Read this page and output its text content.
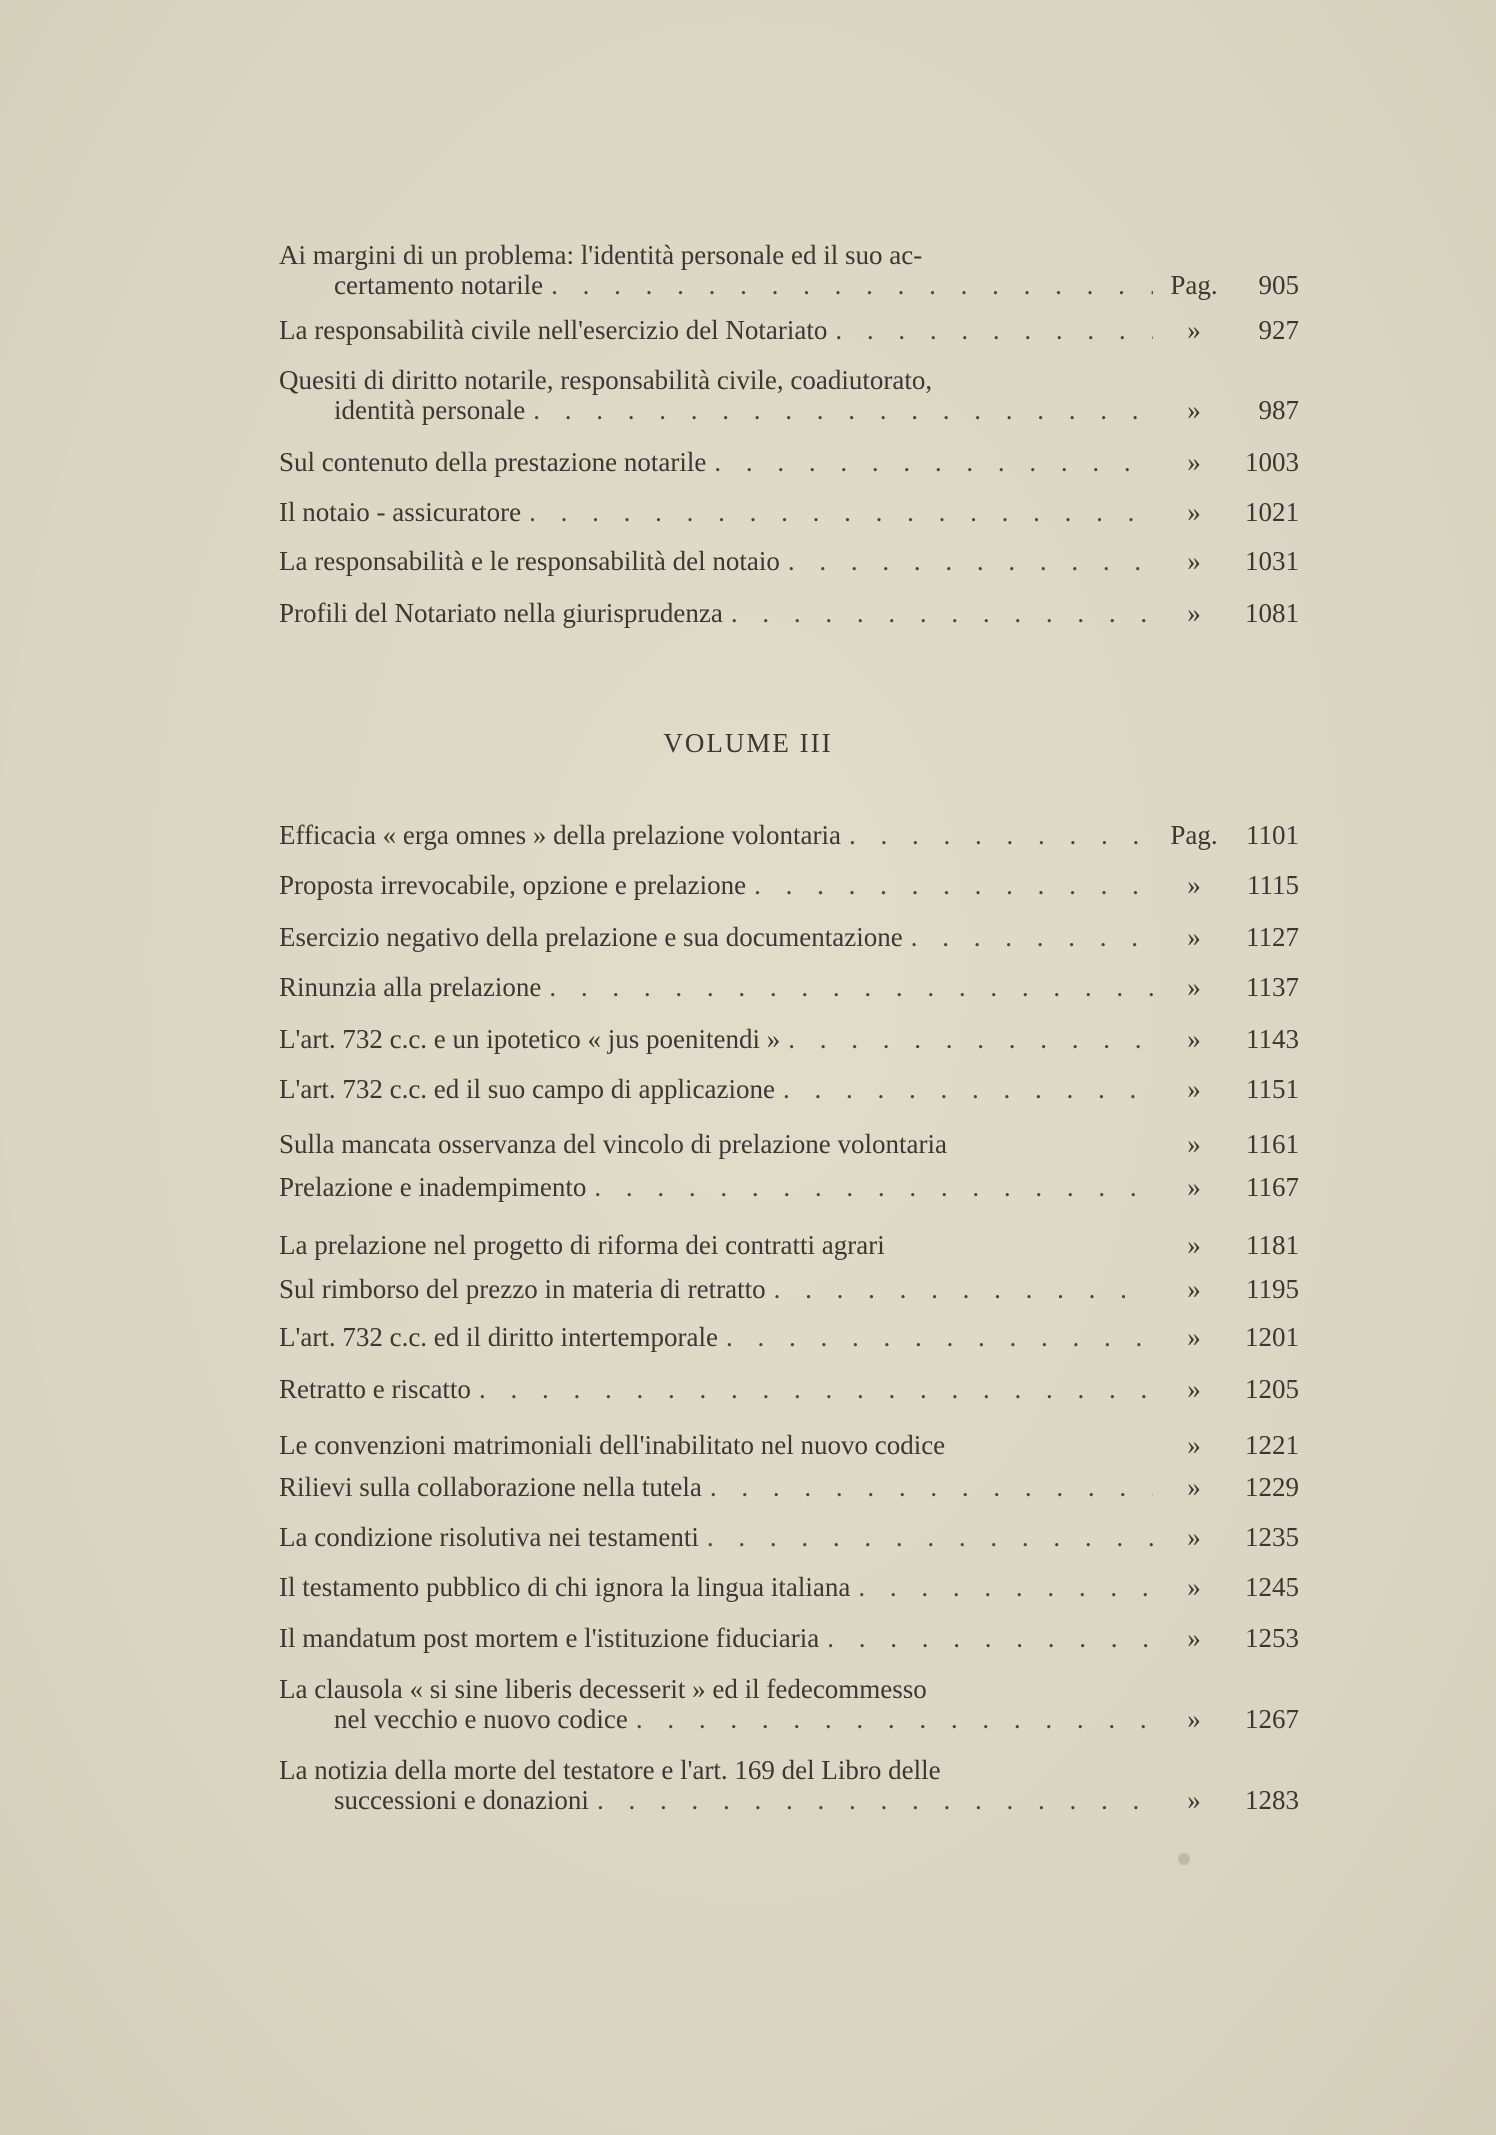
Ai margini di un problema: l'identità personale ed il suo ac-
certamento notarile . . .	Pag.	905
La responsabilità civile nell'esercizio del Notariato . . .	»	927
Quesiti di diritto notarile, responsabilità civile, coadiutorato,
identità personale . . .	»	987
Sul contenuto della prestazione notarile . . .	»	1003
Il notaio - assicuratore . . .	»	1021
La responsabilità e le responsabilità del notaio . . .	»	1031
Profili del Notariato nella giurisprudenza . . .	»	1081
VOLUME III
Efficacia « erga omnes » della prelazione volontaria . . .	Pag.	1101
Proposta irrevocabile, opzione e prelazione . . .	»	1115
Esercizio negativo della prelazione e sua documentazione . . .	»	1127
Rinunzia alla prelazione . . .	»	1137
L'art. 732 c.c. e un ipotetico « jus poenitendi » . . .	»	1143
L'art. 732 c.c. ed il suo campo di applicazione . . .	»	1151
Sulla mancata osservanza del vincolo di prelazione volontaria	»	1161
Prelazione e inadempimento . . .	»	1167
La prelazione nel progetto di riforma dei contratti agrari	»	1181
Sul rimborso del prezzo in materia di retratto . . .	»	1195
L'art. 732 c.c. ed il diritto intertemporale . . .	»	1201
Retratto e riscatto . . .	»	1205
Le convenzioni matrimoniali dell'inabilitato nel nuovo codice	»	1221
Rilievi sulla collaborazione nella tutela . . .	»	1229
La condizione risolutiva nei testamenti . . .	»	1235
Il testamento pubblico di chi ignora la lingua italiana . . .	»	1245
Il mandatum post mortem e l'istituzione fiduciaria . . .	»	1253
La clausola « si sine liberis decesserit » ed il fedecommesso
nel vecchio e nuovo codice . . .	»	1267
La notizia della morte del testatore e l'art. 169 del Libro delle
successioni e donazioni . . .	»	1283
